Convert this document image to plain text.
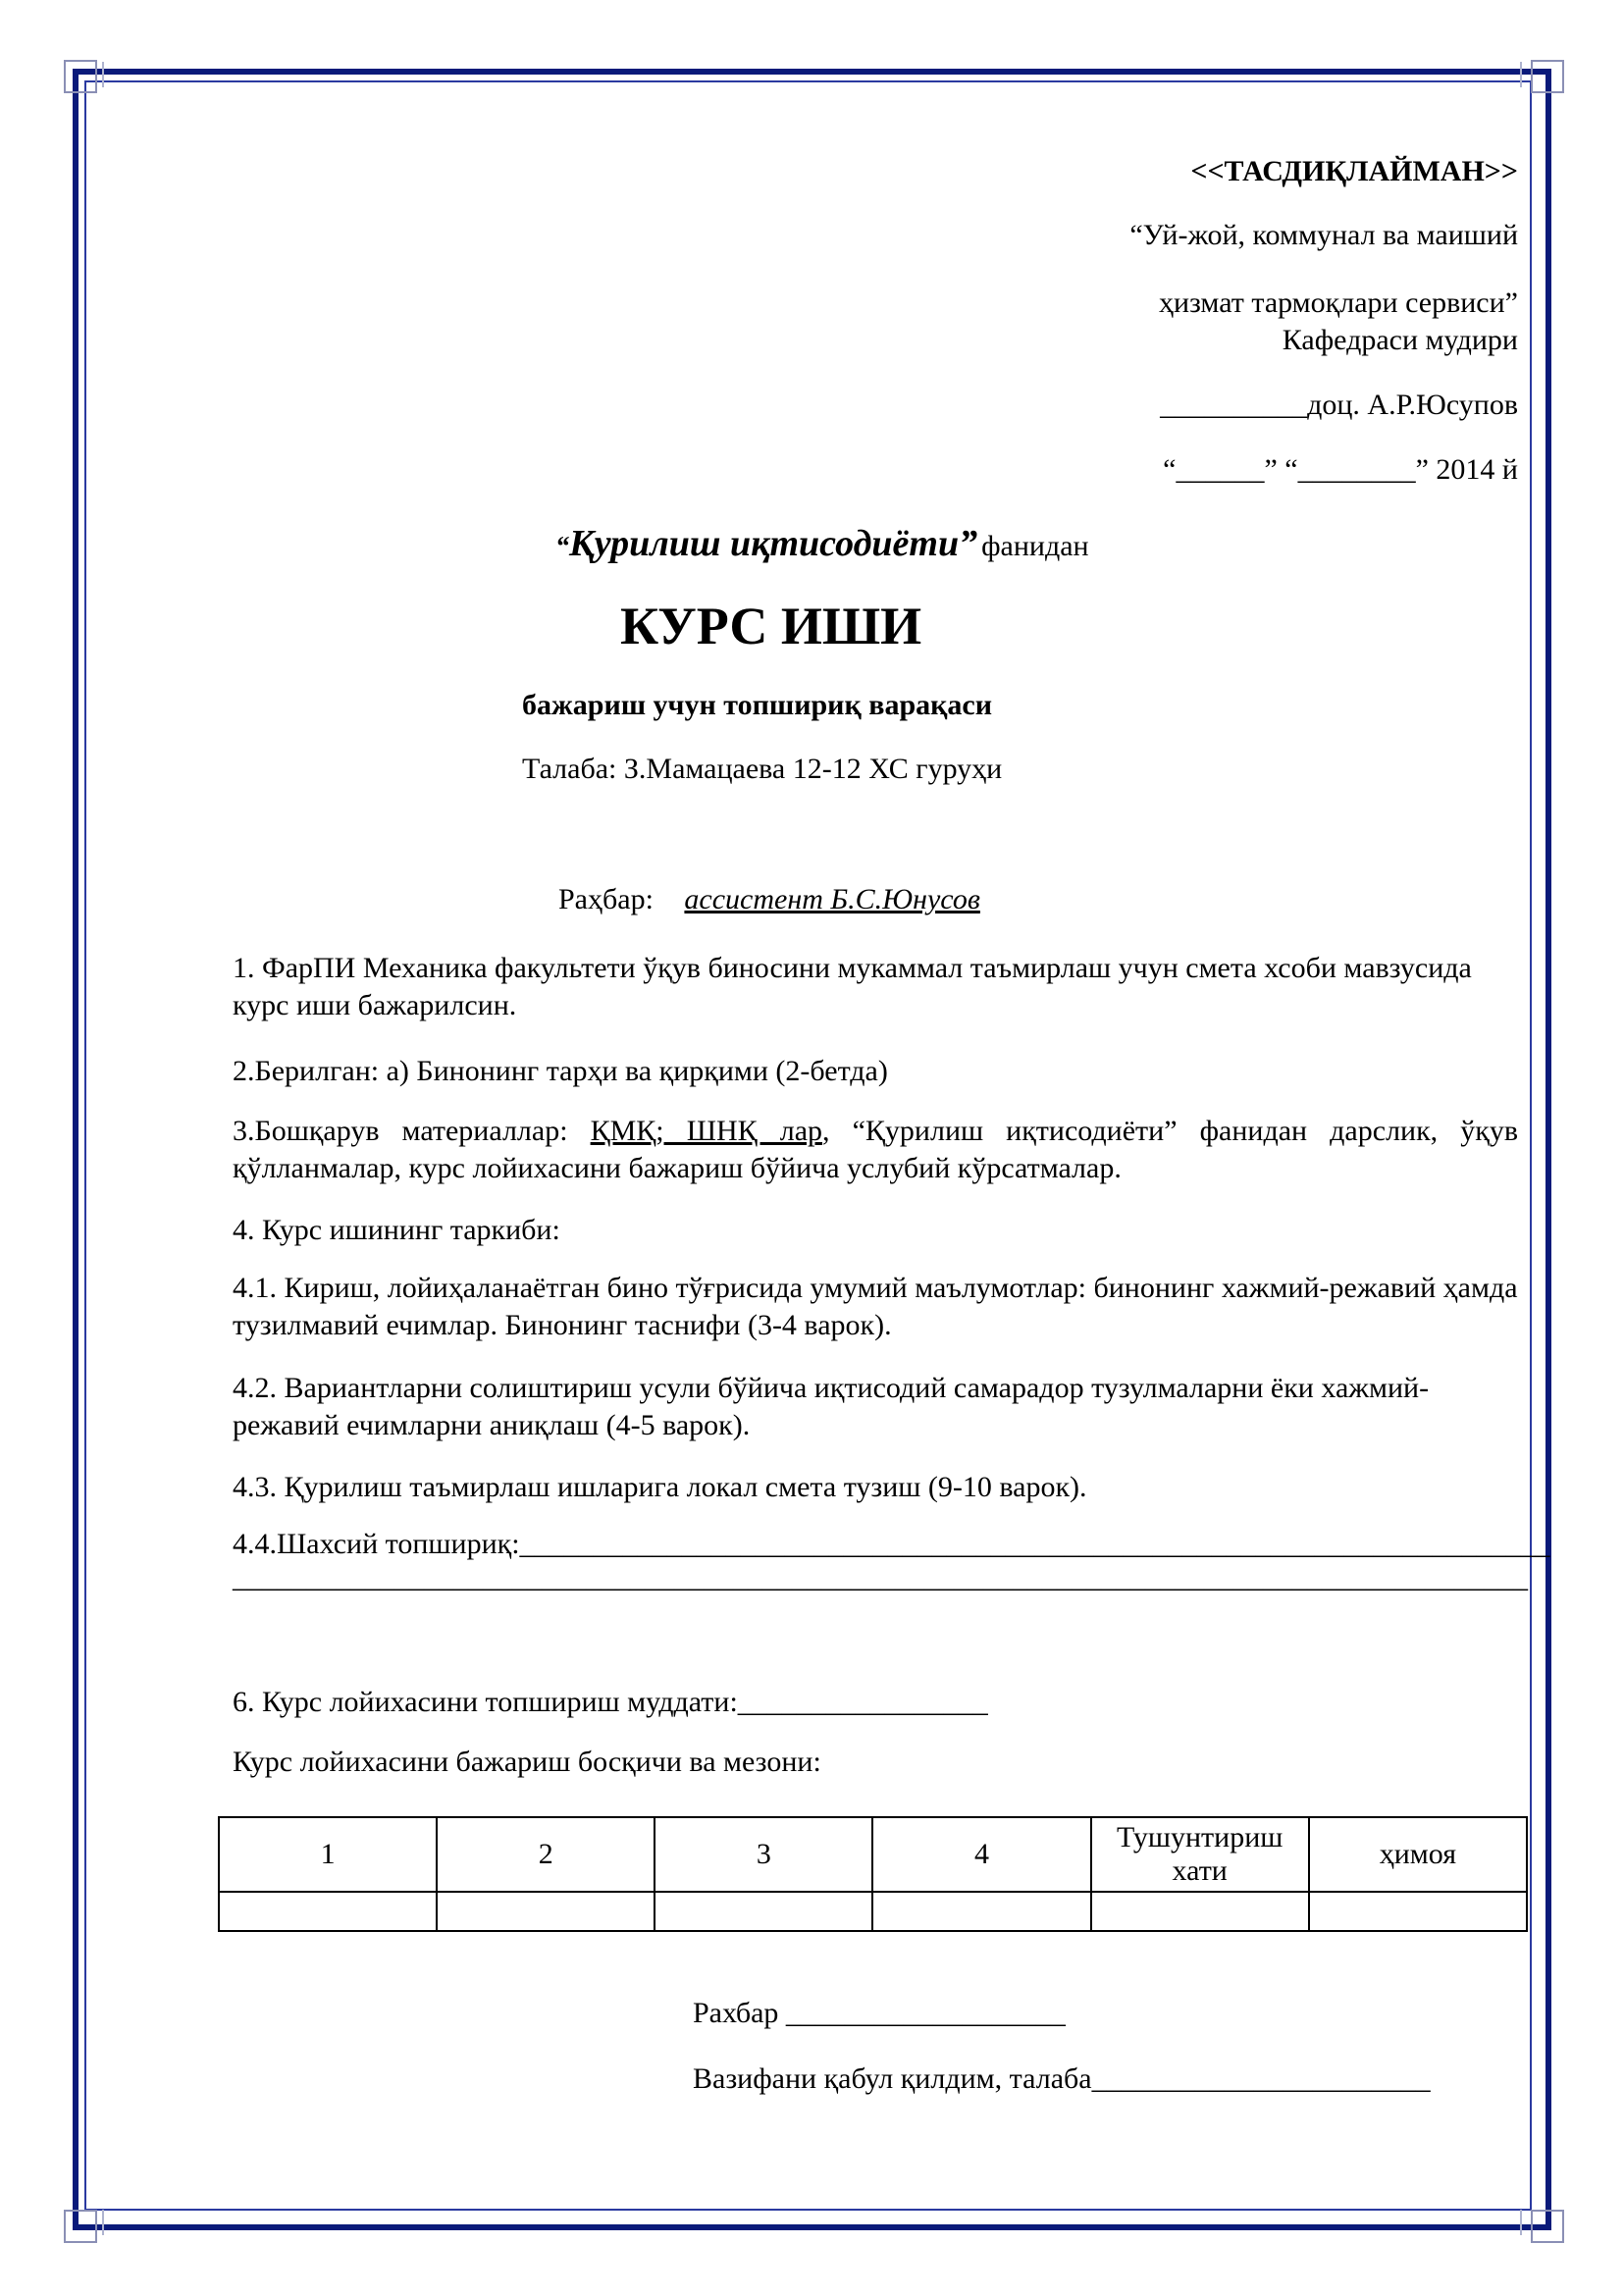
<<ТАСДИҚЛАЙМАН>>
“Уй-жой, коммунал ва маиший
ҳизмат тармоқлари сервиси”
Кафедраси мудири
__________доц. А.Р.Юсупов
“______” “________” 2014 й
“Қурилиш иқтисодиёти” фанидан
КУРС ИШИ
бажариш учун топшириқ варақаси
Талаба: З.Мамацаева 12-12 ХС гуруҳи
Раҳбар: ассистент Б.С.Юнусов
1. ФарПИ Механика факультети ўқув биносини мукаммал таъмирлаш учун смета хсоби мавзусида курс иши бажарилсин.
2.Берилган: а) Бинонинг тарҳи ва қирқими (2-бетда)
3.Бошқарув материаллар: ҚМҚ; ШНҚ лар, “Қурилиш иқтисодиёти” фанидан дарслик, ўқув қўлланмалар, курс лойихасини бажариш бўйича услубий кўрсатмалар.
4. Курс ишининг таркиби:
4.1. Кириш, лойиҳаланаётган бино тўғрисида умумий маълумотлар: бинонинг хажмий-режавий ҳамда тузилмавий ечимлар. Бинонинг таснифи (3-4 варок).
4.2. Вариантларни солиштириш усули бўйича иқтисодий самарадор тузулмаларни ёки хажмий-режавий ечимларни аниқлаш (4-5 варок).
4.3. Қурилиш таъмирлаш ишларига локал смета тузиш (9-10 варок).
4.4.Шахсий топшириқ:______________________________________________________________________
________________________________________________________________________________________
6. Курс лойихасини топшириш муддати:_________________
Курс лойихасини бажариш босқичи ва мезони:
1	2	3	4	Тушунтириш хати	ҳимоя

Рахбар ___________________
Вазифани қабул қилдим, талаба_______________________
